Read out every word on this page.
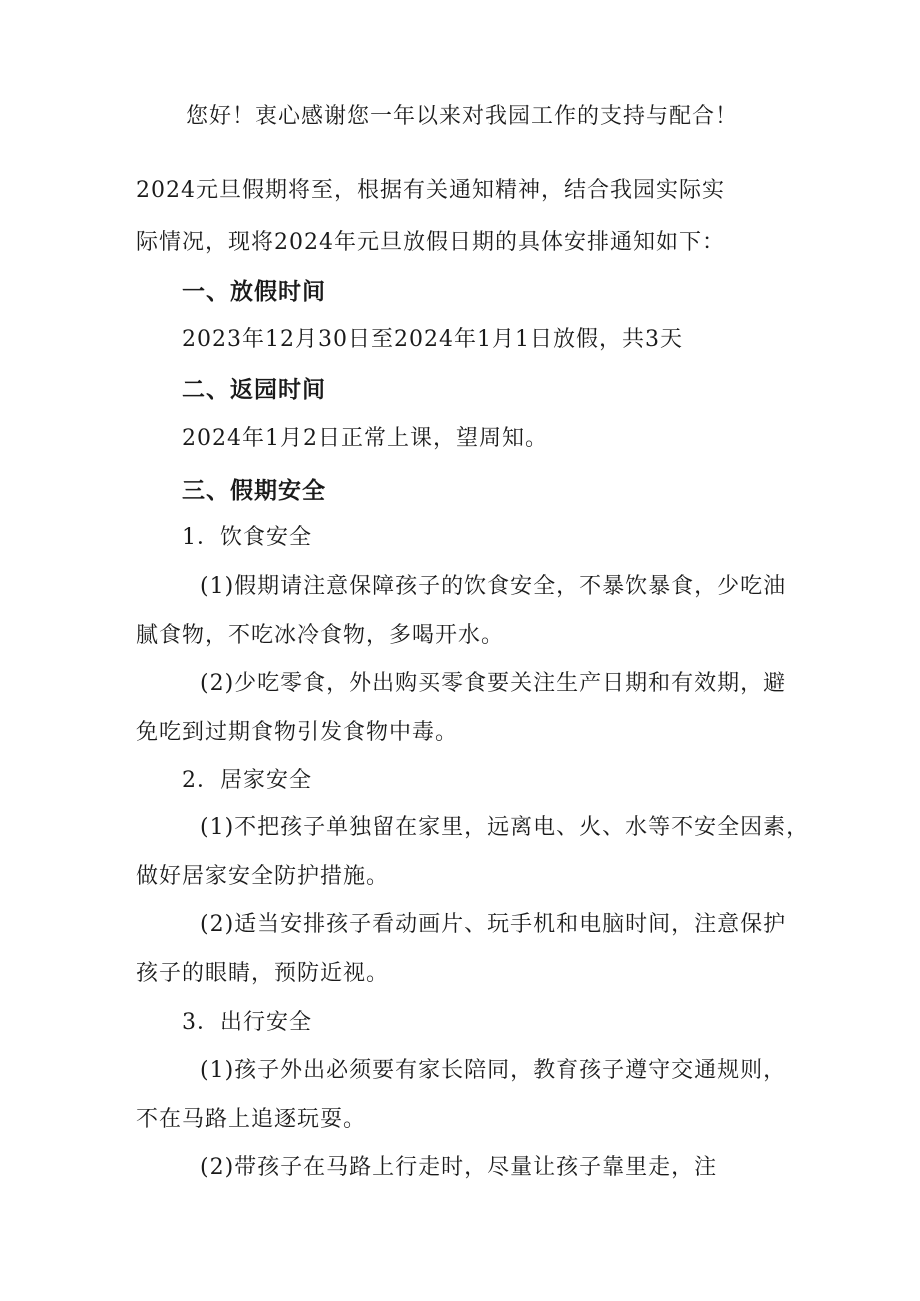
您好！衷心感谢您一年以来对我园工作的支持与配合！
2024元旦假期将至，根据有关通知精神，结合我园实际实
际情况，现将2024年元旦放假日期的具体安排通知如下：
一、放假时间
2023年12月30日至2024年1月1日放假，共3天
二、返园时间
2024年1月2日正常上课，望周知。
三、假期安全
1．饮食安全
(1)假期请注意保障孩子的饮食安全，不暴饮暴食，少吃油
腻食物，不吃冰冷食物，多喝开水。
(2)少吃零食，外出购买零食要关注生产日期和有效期，避
免吃到过期食物引发食物中毒。
2．居家安全
(1)不把孩子单独留在家里，远离电、火、水等不安全因素，
做好居家安全防护措施。
(2)适当安排孩子看动画片、玩手机和电脑时间，注意保护
孩子的眼睛，预防近视。
3．出行安全
(1)孩子外出必须要有家长陪同，教育孩子遵守交通规则，
不在马路上追逐玩耍。
(2)带孩子在马路上行走时，尽量让孩子靠里走，注
